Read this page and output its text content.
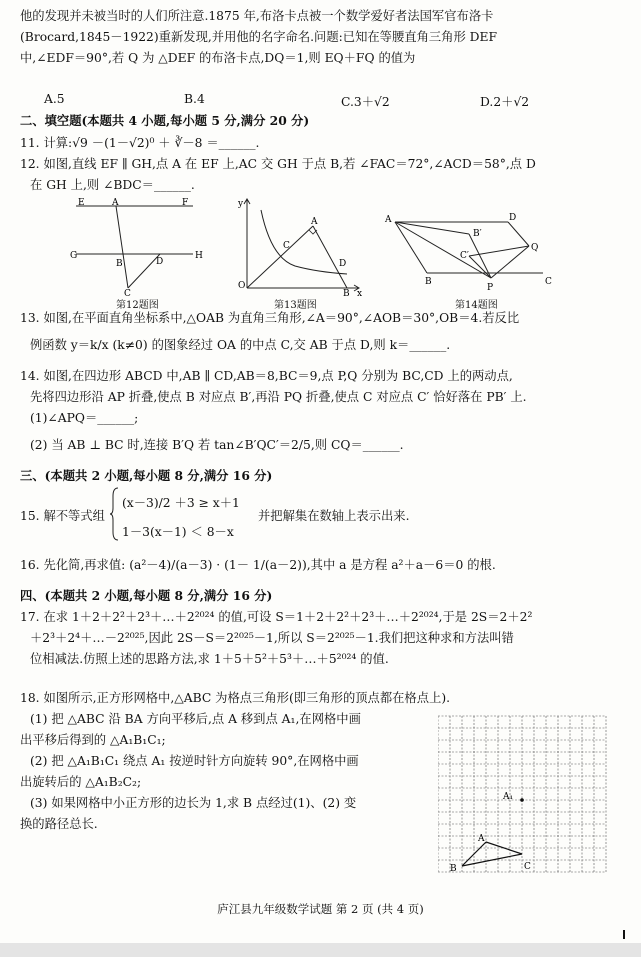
他的发现并未被当时的人们所注意.1875 年,布洛卡点被一个数学爱好者法国军官布洛卡
(Brocard,1845－1922)重新发现,并用他的名字命名.问题:已知在等腰直角三角形 DEF
中,∠EDF＝90°,若 Q 为 △DEF 的布洛卡点,DQ＝1,则 EQ＋FQ 的值为
A.5	B.4	C.3＋√2	D.2＋√2
二、填空题(本题共 4 小题,每小题 5 分,满分 20 分)
11. 计算:√9 －(1－√2)⁰ ＋ ∛－8 ＝______.
12. 如图,直线 EF ∥ GH,点 A 在 EF 上,AC 交 GH 于点 B,若 ∠FAC＝72°,∠ACD＝58°,点 D
在 GH 上,则 ∠BDC＝______.
E	A	F
G
B	D
H
C
第12题图
y
A
C
D
O
B x
第13题图
A	D
B′
Q
C′
B
P
C
第14题图
13. 如图,在平面直角坐标系中,△OAB 为直角三角形,∠A＝90°,∠AOB＝30°,OB＝4.若反比
例函数 y＝k/x (k≠0) 的图象经过 OA 的中点 C,交 AB 于点 D,则 k＝______.
14. 如图,在四边形 ABCD 中,AB ∥ CD,AB＝8,BC＝9,点 P,Q 分别为 BC,CD 上的两动点,
先将四边形沿 AP 折叠,使点 B 对应点 B′,再沿 PQ 折叠,使点 C 对应点 C′ 恰好落在 PB′ 上.
(1)∠APQ＝______;
(2) 当 AB ⊥ BC 时,连接 B′Q 若 tan∠B′QC′＝2/5,则 CQ＝______.
三、(本题共 2 小题,每小题 8 分,满分 16 分)
15. 解不等式组
(x－3)/2 ＋3 ≥ x＋1
1－3(x－1) ＜ 8－x
并把解集在数轴上表示出来.
16. 先化简,再求值: (a²－4)/(a－3) · (1－ 1/(a－2)),其中 a 是方程 a²＋a－6＝0 的根.
四、(本题共 2 小题,每小题 8 分,满分 16 分)
17. 在求 1＋2＋2²＋2³＋…＋2²⁰²⁴ 的值,可设 S＝1＋2＋2²＋2³＋…＋2²⁰²⁴,于是 2S＝2＋2²
＋2³＋2⁴＋…－2²⁰²⁵,因此 2S－S＝2²⁰²⁵－1,所以 S＝2²⁰²⁵－1.我们把这种求和方法叫错
位相减法.仿照上述的思路方法,求 1＋5＋5²＋5³＋…＋5²⁰²⁴ 的值.
18. 如图所示,正方形网格中,△ABC 为格点三角形(即三角形的顶点都在格点上).
(1) 把 △ABC 沿 BA 方向平移后,点 A 移到点 A₁,在网格中画
出平移后得到的 △A₁B₁C₁;
(2) 把 △A₁B₁C₁ 绕点 A₁ 按逆时针方向旋转 90°,在网格中画
出旋转后的 △A₁B₂C₂;
(3) 如果网格中小正方形的边长为 1,求 B 点经过(1)、(2) 变
换的路径总长.
A₁
A
B	C
庐江县九年级数学试题 第 2 页 (共 4 页)
